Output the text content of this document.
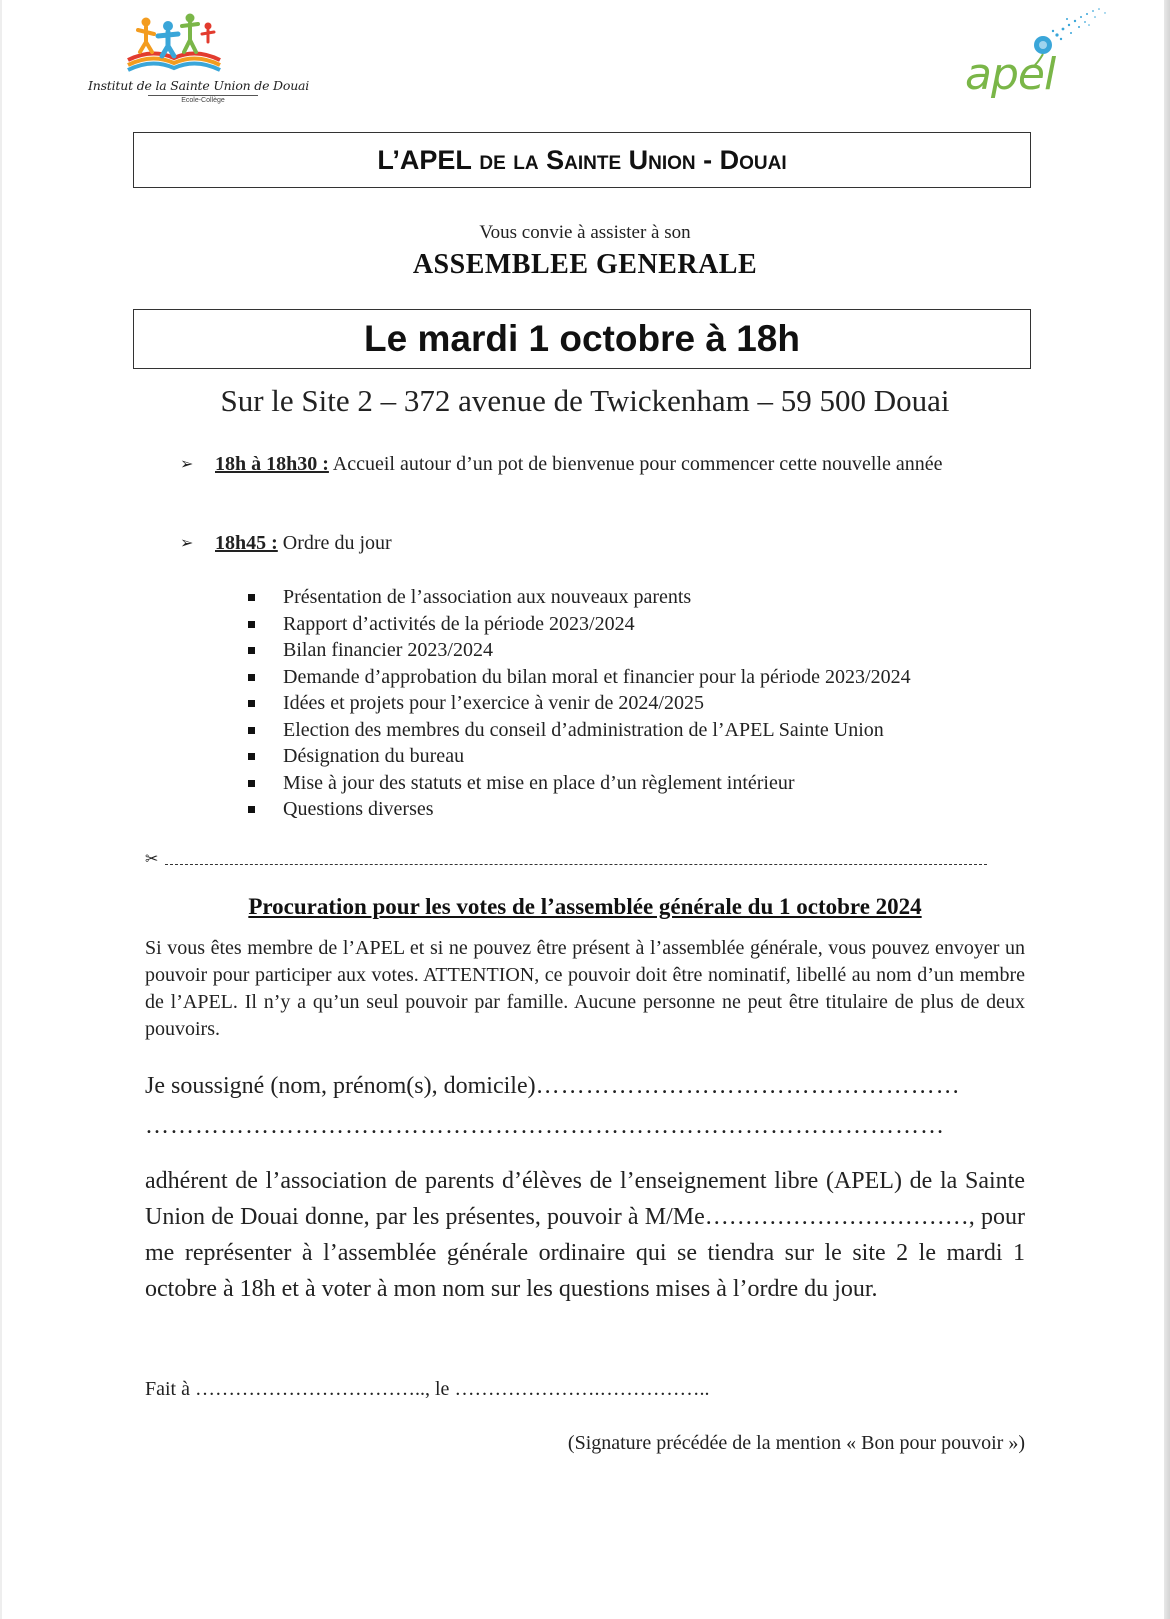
Institut de la Sainte Union de Douai
Ecole-Collège
apel
L’APEL de la Sainte Union - Douai
Vous convie à assister à son
ASSEMBLEE GENERALE
Le mardi 1 octobre à 18h
Sur le Site 2 – 372 avenue de Twickenham – 59 500 Douai
➢ 18h à 18h30 : Accueil autour d’un pot de bienvenue pour commencer cette nouvelle année
➢ 18h45 : Ordre du jour
Présentation de l’association aux nouveaux parents
Rapport d’activités de la période 2023/2024
Bilan financier 2023/2024
Demande d’approbation du bilan moral et financier pour la période 2023/2024
Idées et projets pour l’exercice à venir de 2024/2025
Election des membres du conseil d’administration de l’APEL Sainte Union
Désignation du bureau
Mise à jour des statuts et mise en place d’un règlement intérieur
Questions diverses
✂
Procuration pour les votes de l’assemblée générale du 1 octobre 2024
Si vous êtes membre de l’APEL et si ne pouvez être présent à l’assemblée générale, vous pouvez envoyer un pouvoir pour participer aux votes. ATTENTION, ce pouvoir doit être nominatif, libellé au nom d’un membre de l’APEL. Il n’y a qu’un seul pouvoir par famille. Aucune personne ne peut être titulaire de plus de deux pouvoirs.
Je soussigné (nom, prénom(s), domicile)……………………………………………
……………………………………………………………………………………
adhérent de l’association de parents d’élèves de l’enseignement libre (APEL) de la Sainte Union de Douai donne, par les présentes, pouvoir à M/Me……………………………, pour me représenter à l’assemblée générale ordinaire qui se tiendra sur le site 2 le mardi 1 octobre à 18h et à voter à mon nom sur les questions mises à l’ordre du jour.
Fait à …………………………….., le ………………….……………..
(Signature précédée de la mention « Bon pour pouvoir »)
